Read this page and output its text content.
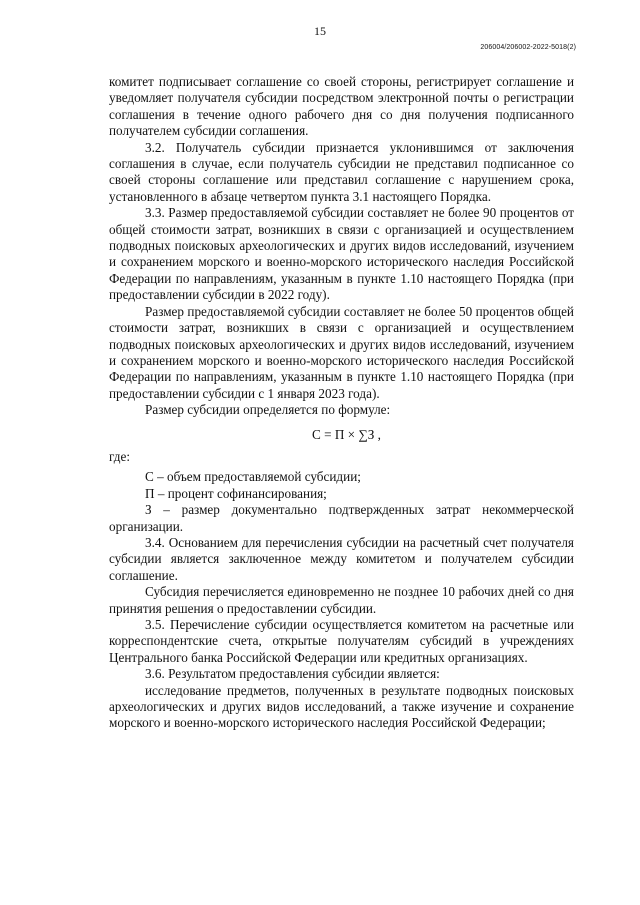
15
206004/206002-2022-5018(2)

комитет подписывает соглашение со своей стороны, регистрирует соглашение и уведомляет получателя субсидии посредством электронной почты о регистрации соглашения в течение одного рабочего дня со дня получения подписанного получателем субсидии соглашения.

3.2. Получатель субсидии признается уклонившимся от заключения соглашения в случае, если получатель субсидии не представил подписанное со своей стороны соглашение или представил соглашение с нарушением срока, установленного в абзаце четвертом пункта 3.1 настоящего Порядка.

3.3. Размер предоставляемой субсидии составляет не более 90 процентов от общей стоимости затрат, возникших в связи с организацией и осуществлением подводных поисковых археологических и других видов исследований, изучением и сохранением морского и военно-морского исторического наследия Российской Федерации по направлениям, указанным в пункте 1.10 настоящего Порядка (при предоставлении субсидии в 2022 году).

Размер предоставляемой субсидии составляет не более 50 процентов общей стоимости затрат, возникших в связи с организацией и осуществлением подводных поисковых археологических и других видов исследований, изучением и сохранением морского и военно-морского исторического наследия Российской Федерации по направлениям, указанным в пункте 1.10 настоящего Порядка (при предоставлении субсидии с 1 января 2023 года).

Размер субсидии определяется по формуле:

С = П × ∑З ,

где:

С – объем предоставляемой субсидии;

П – процент софинансирования;

З – размер документально подтвержденных затрат некоммерческой организации.

3.4. Основанием для перечисления субсидии на расчетный счет получателя субсидии является заключенное между комитетом и получателем субсидии соглашение.

Субсидия перечисляется единовременно не позднее 10 рабочих дней со дня принятия решения о предоставлении субсидии.

3.5. Перечисление субсидии осуществляется комитетом на расчетные или корреспондентские счета, открытые получателям субсидий в учреждениях Центрального банка Российской Федерации или кредитных организациях.

3.6. Результатом предоставления субсидии является:

исследование предметов, полученных в результате подводных поисковых археологических и других видов исследований, а также изучение и сохранение морского и военно-морского исторического наследия Российской Федерации;
